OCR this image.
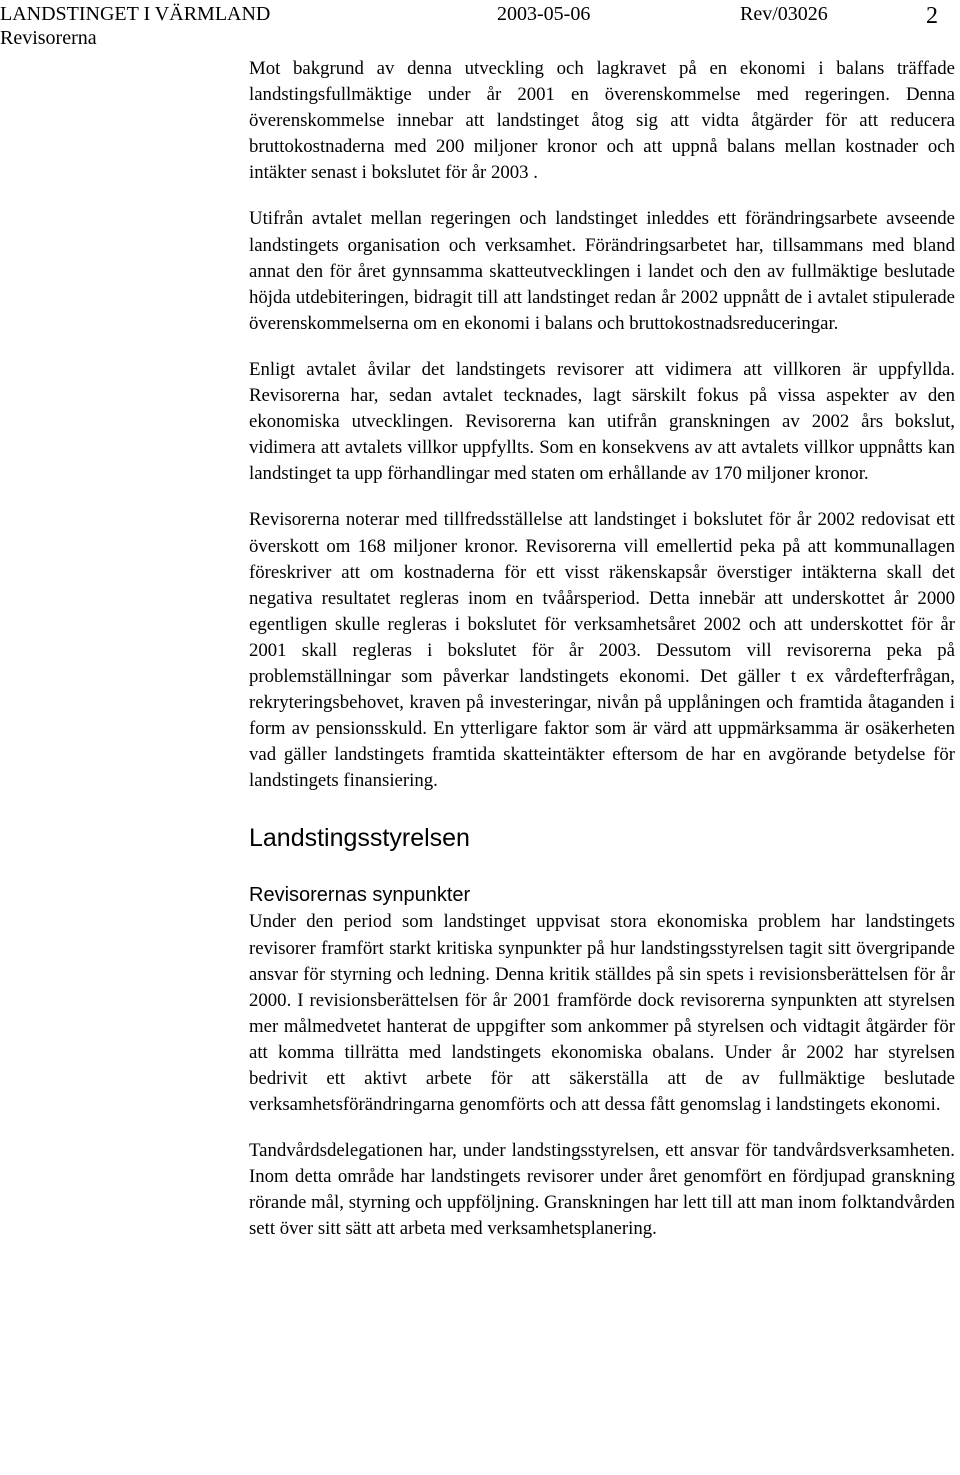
LANDSTINGET I VÄRMLAND	2003-05-06	Rev/03026	2
Revisorerna

Mot bakgrund av denna utveckling och lagkravet på en ekonomi i balans träffade landstingsfullmäktige under år 2001 en överenskommelse med regeringen. Denna överenskommelse innebar att landstinget åtog sig att vidta åtgärder för att reducera bruttokostnaderna med 200 miljoner kronor och att uppnå balans mellan kostnader och intäkter senast i bokslutet för år 2003 .

Utifrån avtalet mellan regeringen och landstinget inleddes ett förändringsarbete avseende landstingets organisation och verksamhet. Förändringsarbetet har, tillsammans med bland annat den för året gynnsamma skatteutvecklingen i landet och den av fullmäktige beslutade höjda utdebiteringen, bidragit till att landstinget redan år 2002 uppnått de i avtalet stipulerade överenskommelserna om en ekonomi i balans och bruttokostnadsreduceringar.

Enligt avtalet åvilar det landstingets revisorer att vidimera att villkoren är uppfyllda. Revisorerna har, sedan avtalet tecknades, lagt särskilt fokus på vissa aspekter av den ekonomiska utvecklingen. Revisorerna kan utifrån granskningen av 2002 års bokslut, vidimera att avtalets villkor uppfyllts. Som en konsekvens av att avtalets villkor uppnåtts kan landstinget ta upp förhandlingar med staten om erhållande av 170 miljoner kronor.

Revisorerna noterar med tillfredsställelse att landstinget i bokslutet för år 2002 redovisat ett överskott om 168 miljoner kronor. Revisorerna vill emellertid peka på att kommunallagen föreskriver att om kostnaderna för ett visst räkenskapsår överstiger intäkterna skall det negativa resultatet regleras inom en tvåårsperiod. Detta innebär att underskottet år 2000 egentligen skulle regleras i bokslutet för verksamhetsåret 2002 och att underskottet för år 2001 skall regleras i bokslutet för år 2003. Dessutom vill revisorerna peka på problemställningar som påverkar landstingets ekonomi. Det gäller t ex vårdefterfrågan, rekryteringsbehovet, kraven på investeringar, nivån på upplåningen och framtida åtaganden i form av pensionsskuld. En ytterligare faktor som är värd att uppmärksamma är osäkerheten vad gäller landstingets framtida skatteintäkter eftersom de har en avgörande betydelse för landstingets finansiering.

Landstingsstyrelsen
Revisorernas synpunkter

Under den period som landstinget uppvisat stora ekonomiska problem har landstingets revisorer framfört starkt kritiska synpunkter på hur landstingsstyrelsen tagit sitt övergripande ansvar för styrning och ledning. Denna kritik ställdes på sin spets i revisionsberättelsen för år 2000. I revisionsberättelsen för år 2001 framförde dock revisorerna synpunkten att styrelsen mer målmedvetet hanterat de uppgifter som ankommer på styrelsen och vidtagit åtgärder för att komma tillrätta med landstingets ekonomiska obalans. Under år 2002 har styrelsen bedrivit ett aktivt arbete för att säkerställa att de av fullmäktige beslutade verksamhetsförändringarna genomförts och att dessa fått genomslag i landstingets ekonomi.

Tandvårdsdelegationen har, under landstingsstyrelsen, ett ansvar för tandvårdsverksamheten. Inom detta område har landstingets revisorer under året genomfört en fördjupad granskning rörande mål, styrning och uppföljning. Granskningen har lett till att man inom folktandvården sett över sitt sätt att arbeta med verksamhetsplanering.
